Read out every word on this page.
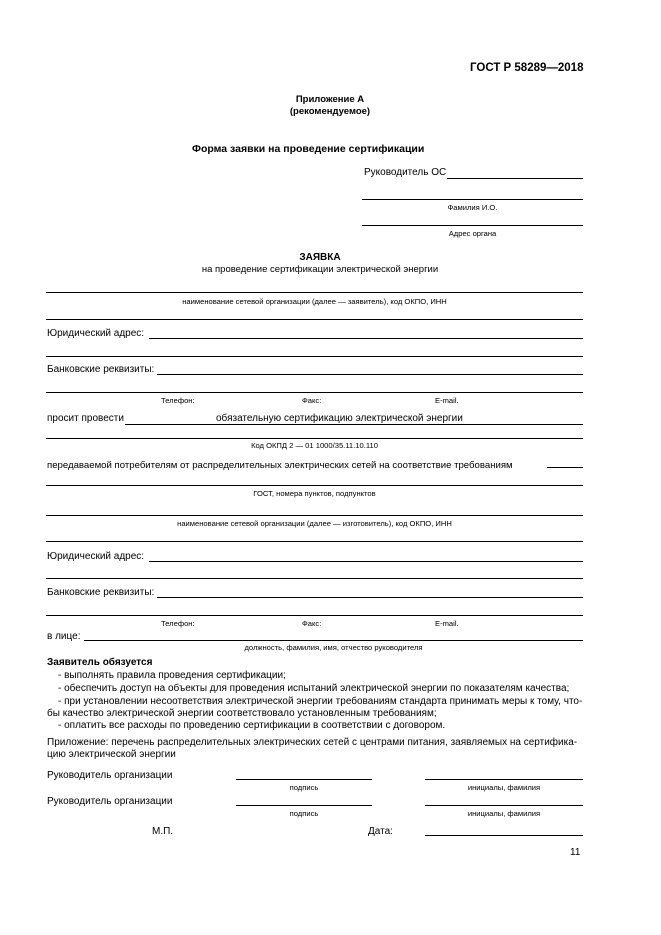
ГОСТ Р 58289—2018
Приложение А
(рекомендуемое)
Форма заявки на проведение сертификации
Руководитель ОС
Фамилия И.О.
Адрес органа
ЗАЯВКА
на проведение сертификации электрической энергии
наименование сетевой организации (далее — заявитель), код ОКПО, ИНН
Юридический адрес:
Банковские реквизиты:
Телефон:	Факс:	E-mail.
просит провести	обязательную сертификацию электрической энергии
Код ОКПД 2 — 01 1000/35.11.10.110
передаваемой потребителям от распределительных электрических сетей на соответствие требованиям
ГОСТ, номера пунктов, подпунктов
наименование сетевой организации (далее — изготовитель), код ОКПО, ИНН
Юридический адрес:
Банковские реквизиты:
Телефон:	Факс:	E-mail.
в лице:
должность, фамилия, имя, отчество руководителя
Заявитель обязуется
- выполнять правила проведения сертификации;
- обеспечить доступ на объекты для проведения испытаний электрической энергии по показателям качества;
- при установлении несоответствия электрической энергии требованиям стандарта принимать меры к тому, что-
бы качество электрической энергии соответствовало установленным требованиям;
- оплатить все расходы по проведению сертификации в соответствии с договором.
Приложение: перечень распределительных электрических сетей с центрами питания, заявляемых на сертифика-
цию электрической энергии
Руководитель организации
подпись	инициалы, фамилия
Руководитель организации
подпись	инициалы, фамилия
М.П.	Дата:
11
